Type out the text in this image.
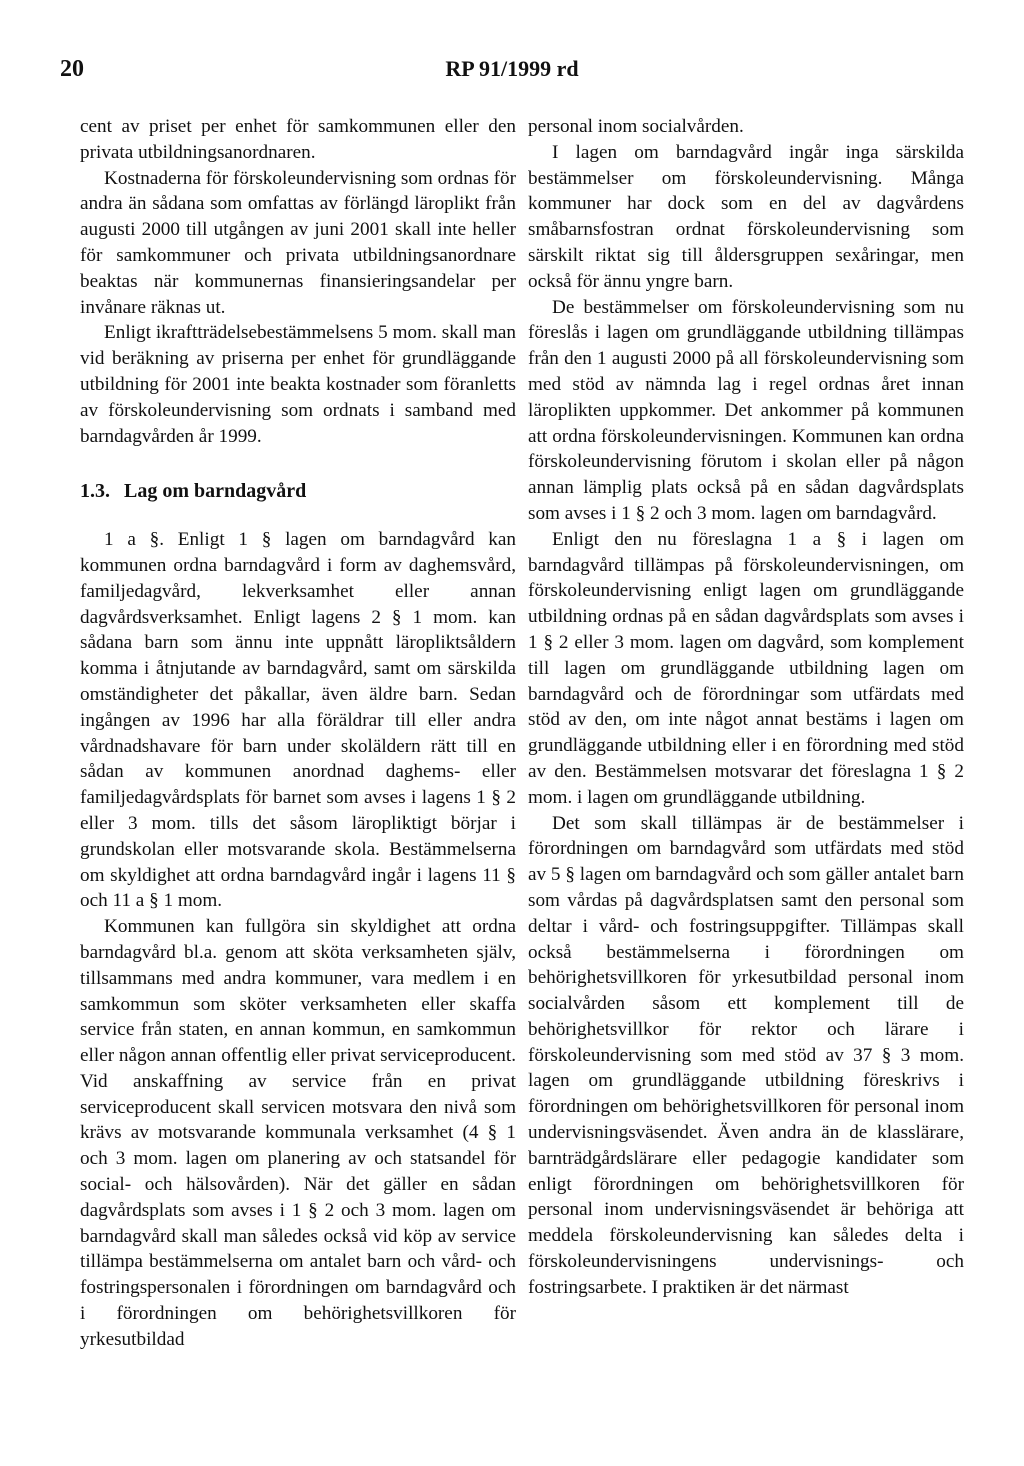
20	RP 91/1999 rd

cent av priset per enhet för samkommunen eller den privata utbildningsanordnaren.

Kostnaderna för förskoleundervisning som ordnas för andra än sådana som omfattas av förlängd läroplikt från augusti 2000 till utgången av juni 2001 skall inte heller för samkommuner och privata utbildningsanordnare beaktas när kommunernas finansieringsandelar per invånare räknas ut.

Enligt ikraftträdelsebestämmelsens 5 mom. skall man vid beräkning av priserna per enhet för grundläggande utbildning för 2001 inte beakta kostnader som föranletts av förskoleundervisning som ordnats i samband med barndagvården år 1999.

1.3. Lag om barndagvård

1 a §. Enligt 1 § lagen om barndagvård kan kommunen ordna barndagvård i form av daghemsvård, familjedagvård, lekverksamhet eller annan dagvårdsverksamhet. Enligt lagens 2 § 1 mom. kan sådana barn som ännu inte uppnått läropliktsåldern komma i åtnjutande av barndagvård, samt om särskilda omständigheter det påkallar, även äldre barn. Sedan ingången av 1996 har alla föräldrar till eller andra vårdnadshavare för barn under skoläldern rätt till en sådan av kommunen anordnad daghems- eller familjedagvårdsplats för barnet som avses i lagens 1 § 2 eller 3 mom. tills det såsom läropliktigt börjar i grundskolan eller motsvarande skola. Bestämmelserna om skyldighet att ordna barndagvård ingår i lagens 11 § och 11 a § 1 mom.

Kommunen kan fullgöra sin skyldighet att ordna barndagvård bl.a. genom att sköta verksamheten själv, tillsammans med andra kommuner, vara medlem i en samkommun som sköter verksamheten eller skaffa service från staten, en annan kommun, en samkommun eller någon annan offentlig eller privat serviceproducent. Vid anskaffning av service från en privat serviceproducent skall servicen motsvara den nivå som krävs av motsvarande kommunala verksamhet (4 § 1 och 3 mom. lagen om planering av och statsandel för social- och hälsovården). När det gäller en sådan dagvårdsplats som avses i 1 § 2 och 3 mom. lagen om barndagvård skall man således också vid köp av service tillämpa bestämmelserna om antalet barn och vård- och fostringspersonalen i förordningen om barndagvård och i förordningen om behörighetsvillkoren för yrkesutbildad

personal inom socialvården.

I lagen om barndagvård ingår inga särskilda bestämmelser om förskoleundervisning. Många kommuner har dock som en del av dagvårdens småbarnsfostran ordnat förskoleundervisning som särskilt riktat sig till åldersgruppen sexåringar, men också för ännu yngre barn.

De bestämmelser om förskoleundervisning som nu föreslås i lagen om grundläggande utbildning tillämpas från den 1 augusti 2000 på all förskoleundervisning som med stöd av nämnda lag i regel ordnas året innan läroplikten uppkommer. Det ankommer på kommunen att ordna förskoleundervisningen. Kommunen kan ordna förskoleundervisning förutom i skolan eller på någon annan lämplig plats också på en sådan dagvårdsplats som avses i 1 § 2 och 3 mom. lagen om barndagvård.

Enligt den nu föreslagna 1 a § i lagen om barndagvård tillämpas på förskoleundervisningen, om förskoleundervisning enligt lagen om grundläggande utbildning ordnas på en sådan dagvårdsplats som avses i 1 § 2 eller 3 mom. lagen om dagvård, som komplement till lagen om grundläggande utbildning lagen om barndagvård och de förordningar som utfärdats med stöd av den, om inte något annat bestäms i lagen om grundläggande utbildning eller i en förordning med stöd av den. Bestämmelsen motsvarar det föreslagna 1 § 2 mom. i lagen om grundläggande utbildning.

Det som skall tillämpas är de bestämmelser i förordningen om barndagvård som utfärdats med stöd av 5 § lagen om barndagvård och som gäller antalet barn som vårdas på dagvårdsplatsen samt den personal som deltar i vård- och fostringsuppgifter. Tillämpas skall också bestämmelserna i förordningen om behörighetsvillkoren för yrkesutbildad personal inom socialvården såsom ett komplement till de behörighetsvillkor för rektor och lärare i förskoleundervisning som med stöd av 37 § 3 mom. lagen om grundläggande utbildning föreskrivs i förordningen om behörighetsvillkoren för personal inom undervisningsväsendet. Även andra än de klasslärare, barnträdgårdslärare eller pedagogie kandidater som enligt förordningen om behörighetsvillkoren för personal inom undervisningsväsendet är behöriga att meddela förskoleundervisning kan således delta i förskoleundervisningens undervisnings- och fostringsarbete. I praktiken är det närmast
